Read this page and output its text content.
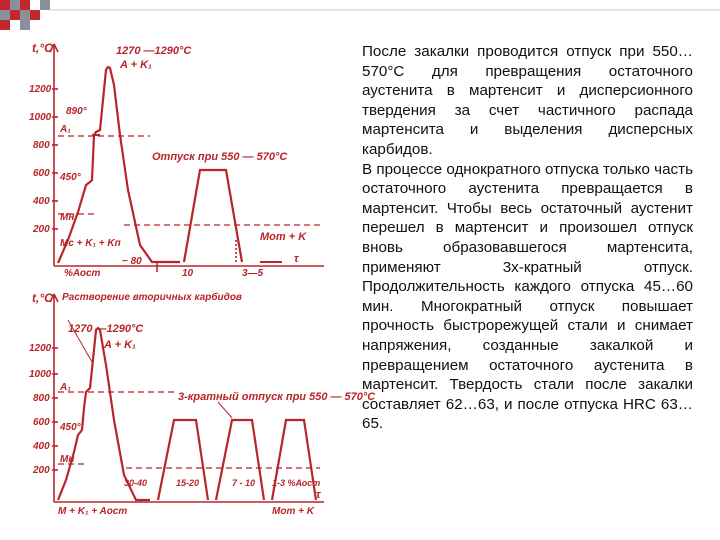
t,°C
1200
1000
800
600
400
200
1270 —1290°С
A + K₁
890°
A₁
450°
Mн
Отпуск при 550 — 570°С
Mс + K₁ + Kп
Mот + K
− 80
10	3—5
%Аост
τ
t,°C
1200
1000
800
600
400
200
Растворение вторичных карбидов
1270 —1290°С
A + K₁
A₁
450°
Mн
3-кратный отпуск при 550 — 570°С
30-40	15-20	7 - 10 1-3 %Аост
M + K₁ + Aост	Mот + K
τ

После закалки проводится отпуск при 550…570°С для превращения остаточного аустенита в мартенсит и дисперсионного твердения за счет частичного распада мартенсита и выделения дисперсных карбидов.

В процессе однократного отпуска только часть остаточного аустенита превращается в мартенсит. Чтобы весь остаточный аустенит перешел в мартенсит и произошел отпуск вновь образовавшегося мартенсита, применяют 3х-кратный отпуск. Продолжительность каждого отпуска 45…60 мин. Многократный отпуск повышает прочность быстрорежущей стали и снимает напряжения, созданные закалкой и превращением остаточного аустенита в мартенсит. Твердость стали после закалки составляет 62…63, и после отпуска HRC 63…65.
